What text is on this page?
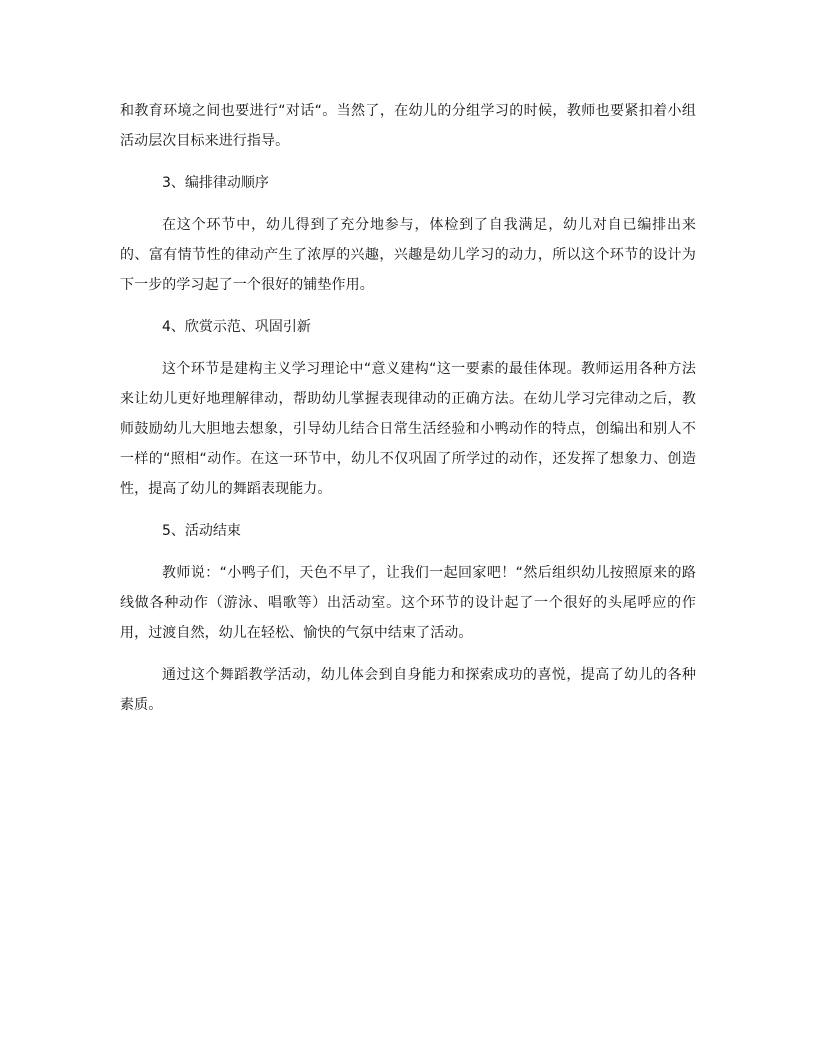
和教育环境之间也要进行“对话“。当然了，在幼儿的分组学习的时候，教师也要紧扣着小组活动层次目标来进行指导。

3、编排律动顺序

在这个环节中，幼儿得到了充分地参与，体检到了自我满足，幼儿对自已编排出来的、富有情节性的律动产生了浓厚的兴趣，兴趣是幼儿学习的动力，所以这个环节的设计为下一步的学习起了一个很好的铺垫作用。

4、欣赏示范、巩固引新

这个环节是建构主义学习理论中“意义建构“这一要素的最佳体现。教师运用各种方法来让幼儿更好地理解律动，帮助幼儿掌握表现律动的正确方法。在幼儿学习完律动之后，教师鼓励幼儿大胆地去想象，引导幼儿结合日常生活经验和小鸭动作的特点，创编出和别人不一样的“照相“动作。在这一环节中，幼儿不仅巩固了所学过的动作，还发挥了想象力、创造性，提高了幼儿的舞蹈表现能力。

5、活动结束

教师说：“小鸭子们，天色不早了，让我们一起回家吧！“然后组织幼儿按照原来的路线做各种动作（游泳、唱歌等）出活动室。这个环节的设计起了一个很好的头尾呼应的作用，过渡自然，幼儿在轻松、愉快的气氛中结束了活动。

通过这个舞蹈教学活动，幼儿体会到自身能力和探索成功的喜悦，提高了幼儿的各种素质。
